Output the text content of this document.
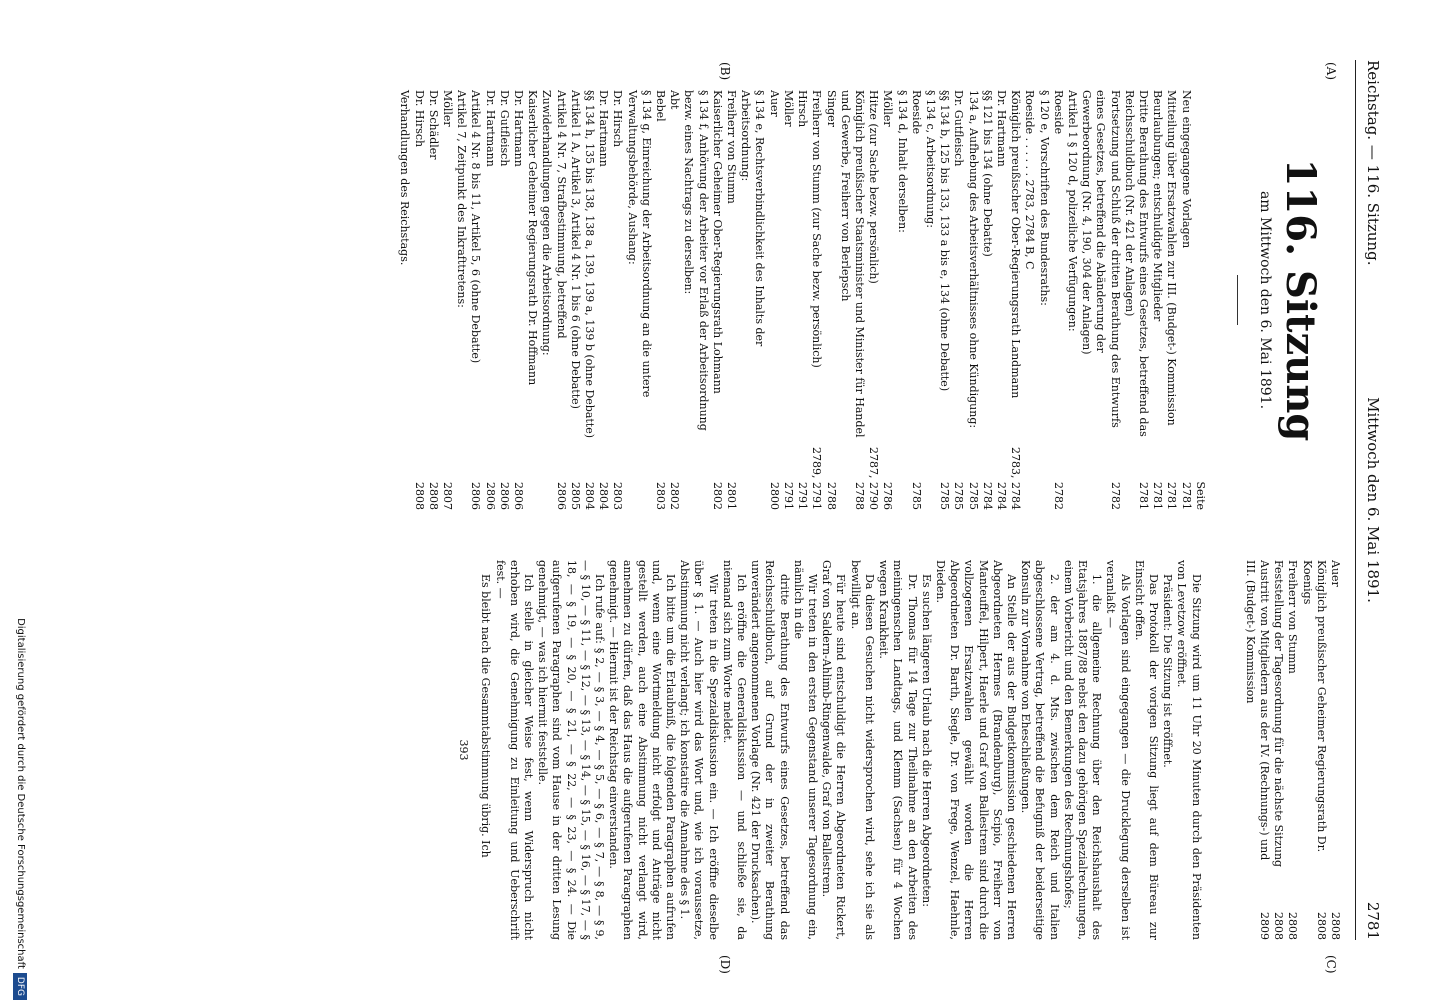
Reichstag. — 116. Sitzung.
Mittwoch den 6. Mai 1891.
2781
(A)
(B)
(C)
(D)
116. Sitzung
am Mittwoch den 6. Mai 1891.
Seite
Neu eingegangene Vorlagen
2781
Mitteilung über Ersatzwahlen zur III. (Budget-) Kommission
2781
Beurlaubungen; entschuldigte Mitglieder
2781
Dritte Berathung des Entwurfs eines Gesetzes, betreffend das Reichsschuldbuch (Nr. 421 der Anlagen)
2781
Fortsetzung und Schluß der dritten Berathung des Entwurfs eines Gesetzes, betreffend die Abänderung der Gewerbeordnung (Nr. 4, 190, 304 der Anlagen)
2782
Artikel 1 § 120 d, polizeiliche Verfügungen:
Roeside
2782
§ 120 e, Vorschriften des Bundesraths:
Roeside . . . . . . 2783, 2784 B, C
Königlich preußischer Ober-Regierungsrath Landmann
2783, 2784
Dr. Hartmann
2784
§§ 121 bis 134 (ohne Debatte)
2784
134 a, Aufhebung des Arbeitsverhältnisses ohne Kündigung:
2785
Dr. Gutfleisch
2785
§§ 134 b, 125 bis 133, 133 a bis e, 134 (ohne Debatte)
2785
§ 134 c, Arbeitsordnung:
Roeside
2785
§ 134 d, Inhalt derselben:
Möller
2786
Hitze (zur Sache bezw. persönlich)
2787, 2790
Königlich preußischer Staatsminister und Minister für Handel und Gewerbe, Freiherr von Berlepsch
2788
Singer
2788
Freiherr von Stumm (zur Sache bezw. persönlich)
2789, 2791
Hirsch
2791
Möller
2791
Auer
2800
§ 134 e, Rechtsverbindlichkeit des Inhalts der Arbeitsordnung:
Freiherr von Stumm
2801
Kaiserlicher Geheimer Ober-Regierungsrath Lohmann
2802
§ 134 f, Anhörung der Arbeiter vor Erlaß der Arbeitsordnung bezw. eines Nachtrags zu derselben:
Abt
2802
Bebel
2803
§ 134 g, Einreichung der Arbeitsordnung an die untere Verwaltungsbehörde, Aushang:
Dr. Hirsch
2803
Dr. Hartmann
2804
§§ 134 h, 135 bis 138, 138 a, 139, 139 a, 139 b (ohne Debatte)
2804
Artikel 1 A, Artikel 3, Artikel 4 Nr. 1 bis 6 (ohne Debatte)
2805
Artikel 4 Nr. 7, Strafbestimmung, betreffend Zuwiderhandlungen gegen die Arbeitsordnung:
2806
Kaiserlicher Geheimer Regierungsrath Dr. Hoffmann
Dr. Hartmann
2806
Dr. Gutfleisch
2806
Dr. Hartmann
2806
Artikel 4 Nr. 8 bis 11, Artikel 5, 6 (ohne Debatte)
2806
Artikel 7, Zeitpunkt des Inkrafttretens:
Möller
2807
Dr. Schädler
2808
Dr. Hirsch
2808
Verhandlungen des Reichstags.
Auer
2808
Königlich preußischer Geheimer Regierungsrath Dr. Koenigs
2808
Freiherr von Stumm
2808
Feststellung der Tagesordnung für die nächste Sitzung
2808
Austritt von Mitgliedern aus der IV. (Rechnungs-) und III. (Budget-) Kommission
2809

Die Sitzung wird um 11 Uhr 20 Minuten durch den Präsidenten von Levetzow eröffnet.

Präsident: Die Sitzung ist eröffnet.

Das Protokoll der vorigen Sitzung liegt auf dem Büreau zur Einsicht offen.

Als Vorlagen sind eingegangen — die Drucklegung derselben ist veranlaßt —

1. die allgemeine Rechnung über den Reichshaushalt des Etatsjahres 1887/88 nebst den dazu gehörigen Spezialrechnungen, einem Vorbericht und den Bemerkungen des Rechnungshofes;

2. der am 4. d. Mts. zwischen dem Reich und Italien abgeschlossene Vertrag, betreffend die Befugniß der beiderseitige Konsuln zur Vornahme von Eheschließungen.

An Stelle der aus der Budgetkommission geschiedenen Herren Abgeordneten Hermes (Brandenburg), Scipio, Freiherr von Manteuffel, Hilpert, Haerle und Graf von Ballestrem sind durch die vollzogenen Ersatzwahlen gewählt worden die Herren Abgeordneten Dr. Barth, Siegle, Dr. von Frege, Wenzel, Haehnle, Dieden.

Es suchen längeren Urlaub nach die Herren Abgeordneten:

Dr. Thomas für 14 Tage zur Theilnahme an den Arbeiten des meiningenschen Landtags, und Klemm (Sachsen) für 4 Wochen wegen Krankheit.

Da diesen Gesuchen nicht widersprochen wird, sehe ich sie als bewilligt an.

Für heute sind entschuldigt die Herren Abgeordneten Rickert, Graf von Saldern-Ahlimb-Ringenwalde, Graf von Ballestrem.

Wir treten in den ersten Gegenstand unserer Tagesordnung ein, nämlich in die

dritte Berathung des Entwurfs eines Gesetzes, betreffend das Reichsschuldbuch, auf Grund der in zweiter Berathung unverändert angenommenen Vorlage (Nr. 421 der Drucksachen).

Ich eröffne die Generaldiskussion — und schließe sie, da niemand sich zum Worte meldet.

Wir treten in die Spezialdiskussion ein. — Ich eröffne dieselbe über § 1. — Auch hier wird das Wort und, wie ich voraussetze, Abstimmung nicht verlangt; ich konstatire die Annahme des § 1.

Ich bitte um die Erlaubniß, die folgenden Paragraphen aufrufen und, wenn eine Wortmeldung nicht erfolgt und Anträge nicht gestellt werden, auch eine Abstimmung nicht verlangt wird, annehmen zu dürfen, daß das Haus die aufgerufenen Paragraphen genehmigt. — Hiermit ist der Reichstag einverstanden.

Ich rufe auf: § 2, — § 3, — § 4, — § 5, — § 6, — § 7, — § 8, — § 9, — § 10, — § 11, — § 12, — § 13, — § 14, — § 15, — § 16, — § 17, — § 18, — § 19, — § 20, — § 21, — § 22, — § 23, — § 24. — Die aufgerufenen Paragraphen sind vom Hause in der dritten Lesung genehmigt, — was ich hiermit feststelle.

Ich stelle in gleicher Weise fest, wenn Widerspruch nicht erhoben wird, die Genehmigung zu Einleitung und Ueberschrift fest. —

Es bleibt nach die Gesammtabstimmung übrig. Ich

393
Digitalisierung gefördert durch die Deutsche ForschungsgemeinschaftDFG
